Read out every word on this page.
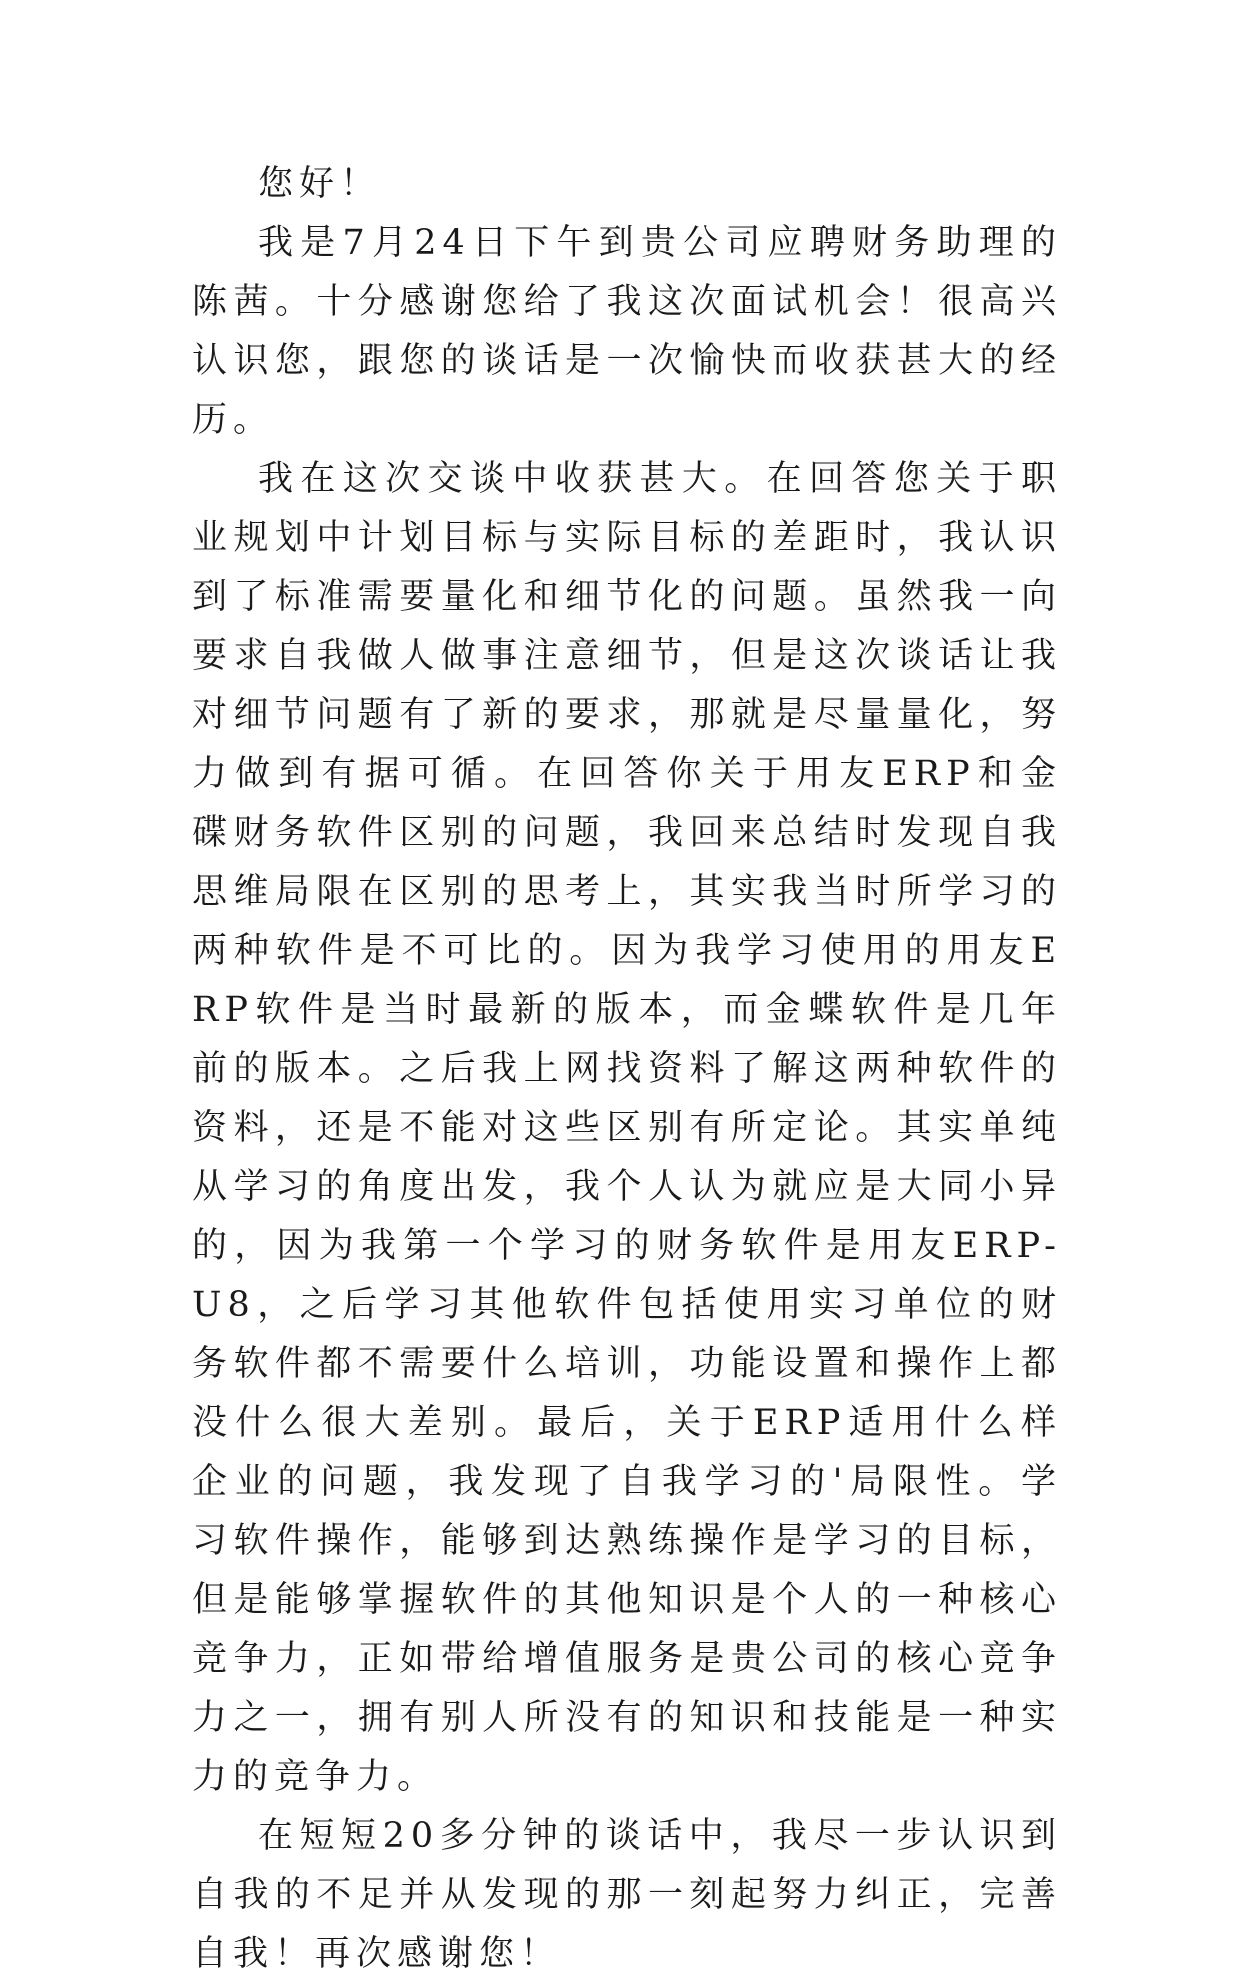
您好！

我是7月24日下午到贵公司应聘财务助理的陈茜。十分感谢您给了我这次面试机会！很高兴认识您，跟您的谈话是一次愉快而收获甚大的经历。

我在这次交谈中收获甚大。在回答您关于职业规划中计划目标与实际目标的差距时，我认识到了标准需要量化和细节化的问题。虽然我一向要求自我做人做事注意细节，但是这次谈话让我对细节问题有了新的要求，那就是尽量量化，努力做到有据可循。在回答你关于用友ERP和金碟财务软件区别的问题，我回来总结时发现自我思维局限在区别的思考上，其实我当时所学习的两种软件是不可比的。因为我学习使用的用友ERP软件是当时最新的版本，而金蝶软件是几年前的版本。之后我上网找资料了解这两种软件的资料，还是不能对这些区别有所定论。其实单纯从学习的角度出发，我个人认为就应是大同小异的，因为我第一个学习的财务软件是用友ERP-U8，之后学习其他软件包括使用实习单位的财务软件都不需要什么培训，功能设置和操作上都没什么很大差别。最后，关于ERP适用什么样企业的问题，我发现了自我学习的'局限性。学习软件操作，能够到达熟练操作是学习的目标，但是能够掌握软件的其他知识是个人的一种核心竞争力，正如带给增值服务是贵公司的核心竞争力之一，拥有别人所没有的知识和技能是一种实力的竞争力。

在短短20多分钟的谈话中，我尽一步认识到自我的不足并从发现的那一刻起努力纠正，完善自我！再次感谢您！
